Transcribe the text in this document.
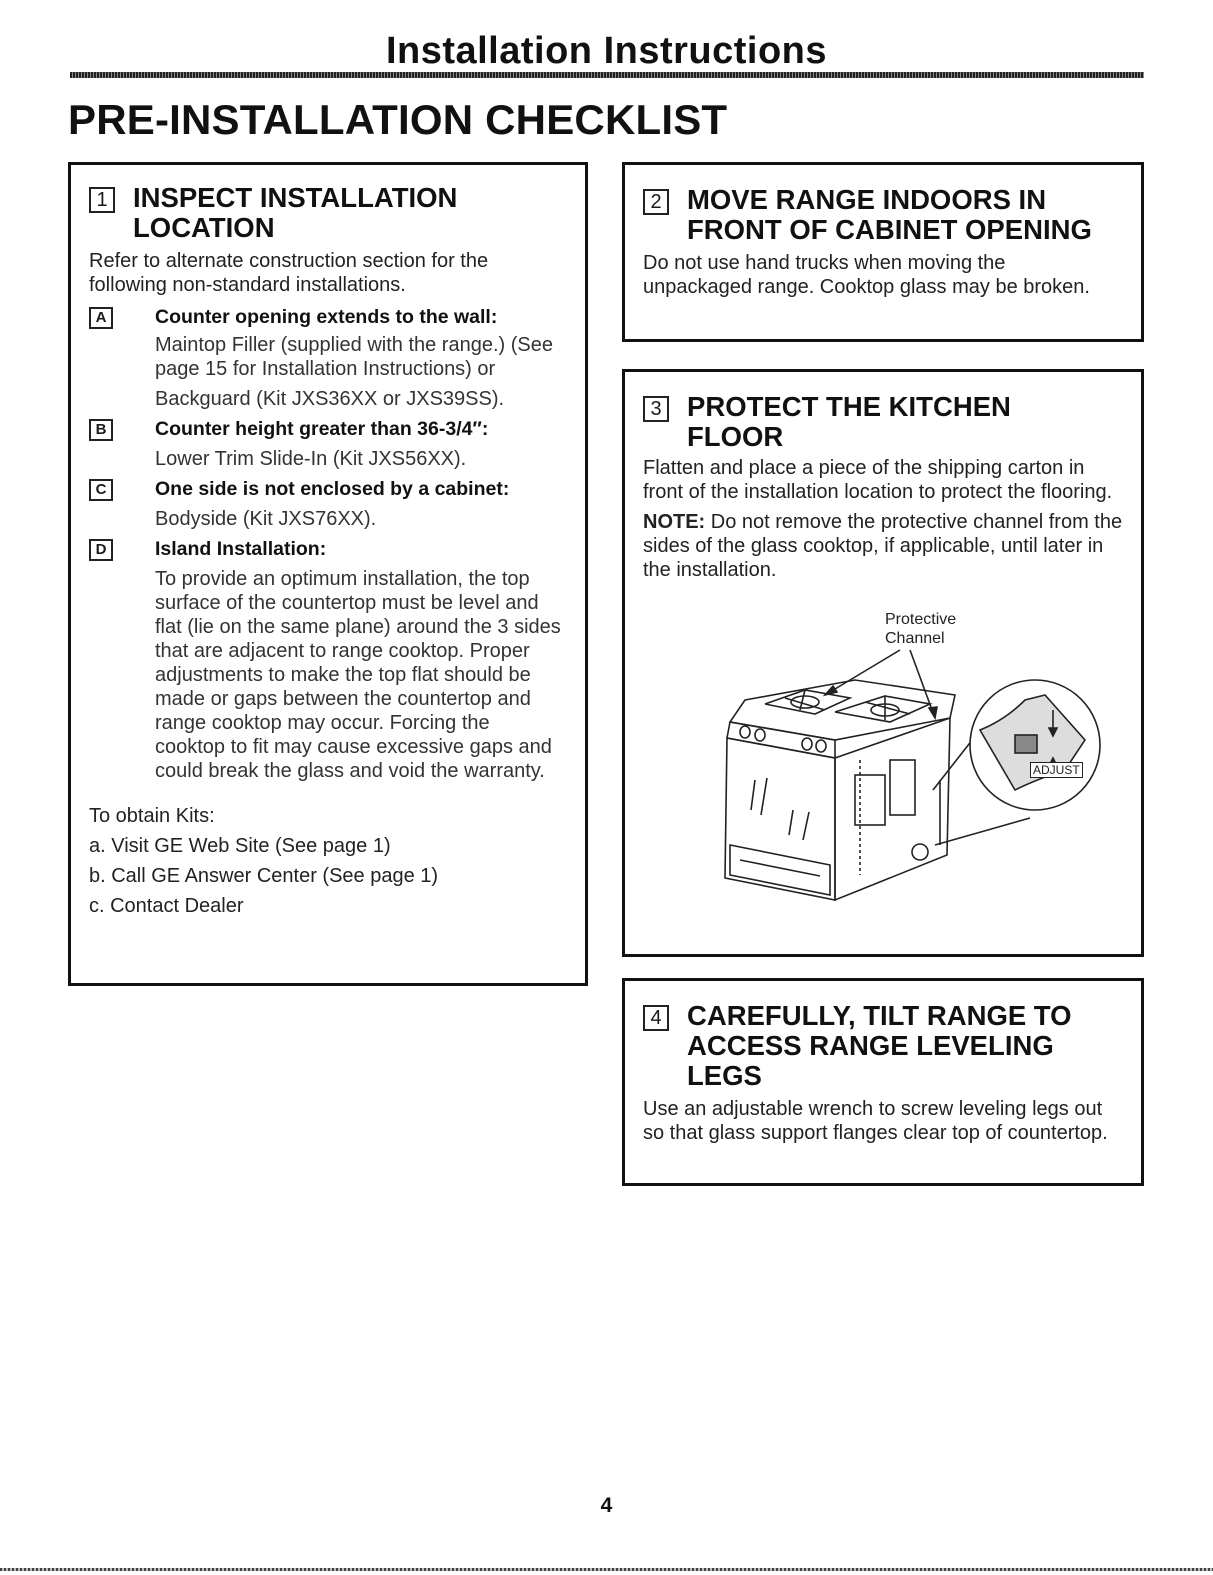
Installation Instructions
PRE-INSTALLATION CHECKLIST
1 INSPECT INSTALLATION LOCATION

Refer to alternate construction section for the following non-standard installations.

A	Counter opening extends to the wall:

Maintop Filler (supplied with the range.) (See page 15 for Installation Instructions) or

Backguard (Kit JXS36XX or JXS39SS).

B	Counter height greater than 36-3/4″:

Lower Trim Slide-In (Kit JXS56XX).

C	One side is not enclosed by a cabinet:

Bodyside (Kit JXS76XX).

D	Island Installation:

To provide an optimum installation, the top surface of the countertop must be level and flat (lie on the same plane) around the 3 sides that are adjacent to range cooktop. Proper adjustments to make the top flat should be made or gaps between the countertop and range cooktop may occur. Forcing the cooktop to fit may cause excessive gaps and could break the glass and void the warranty.

To obtain Kits:

a. Visit GE Web Site (See page 1)

b. Call GE Answer Center (See page 1)

c. Contact Dealer

2 MOVE RANGE INDOORS IN FRONT OF CABINET OPENING

Do not use hand trucks when moving the unpackaged range. Cooktop glass may be broken.

3 PROTECT THE KITCHEN FLOOR

Flatten and place a piece of the shipping carton in front of the installation location to protect the flooring.

NOTE: Do not remove the protective channel from the sides of the glass cooktop, if applicable, until later in the installation.

Protective
Channel
ADJUST
4 CAREFULLY, TILT RANGE TO ACCESS RANGE LEVELING LEGS

Use an adjustable wrench to screw leveling legs out so that glass support flanges clear top of countertop.

4
